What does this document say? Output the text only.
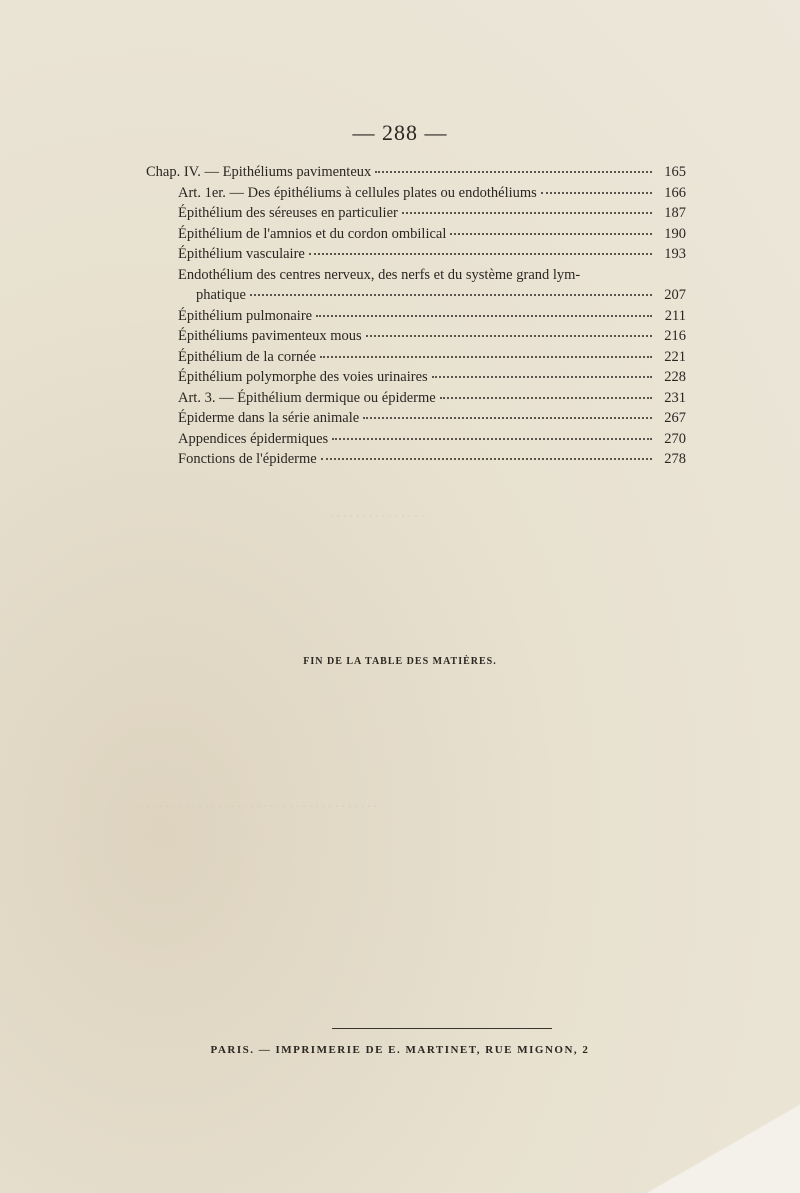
. . . . . . . . . . . . . . .
. . . . . . . . . . . . . . . . . . . . . . . . . . . . . . . . . . . . .
— 288 —
Chap. IV. — Epithéliums pavimenteux	165
Art. 1er. — Des épithéliums à cellules plates ou endothéliums	166
Épithélium des séreuses en particulier	187
Épithélium de l'amnios et du cordon ombilical	190
Épithélium vasculaire	193
Endothélium des centres nerveux, des nerfs et du système grand lym-
phatique	207
Épithélium pulmonaire	211
Épithéliums pavimenteux mous	216
Épithélium de la cornée	221
Épithélium polymorphe des voies urinaires	228
Art. 3. — Épithélium dermique ou épiderme	231
Épiderme dans la série animale	267
Appendices épidermiques	270
Fonctions de l'épiderme	278
FIN DE LA TABLE DES MATIÈRES.
PARIS. — IMPRIMERIE DE E. MARTINET, RUE MIGNON, 2
